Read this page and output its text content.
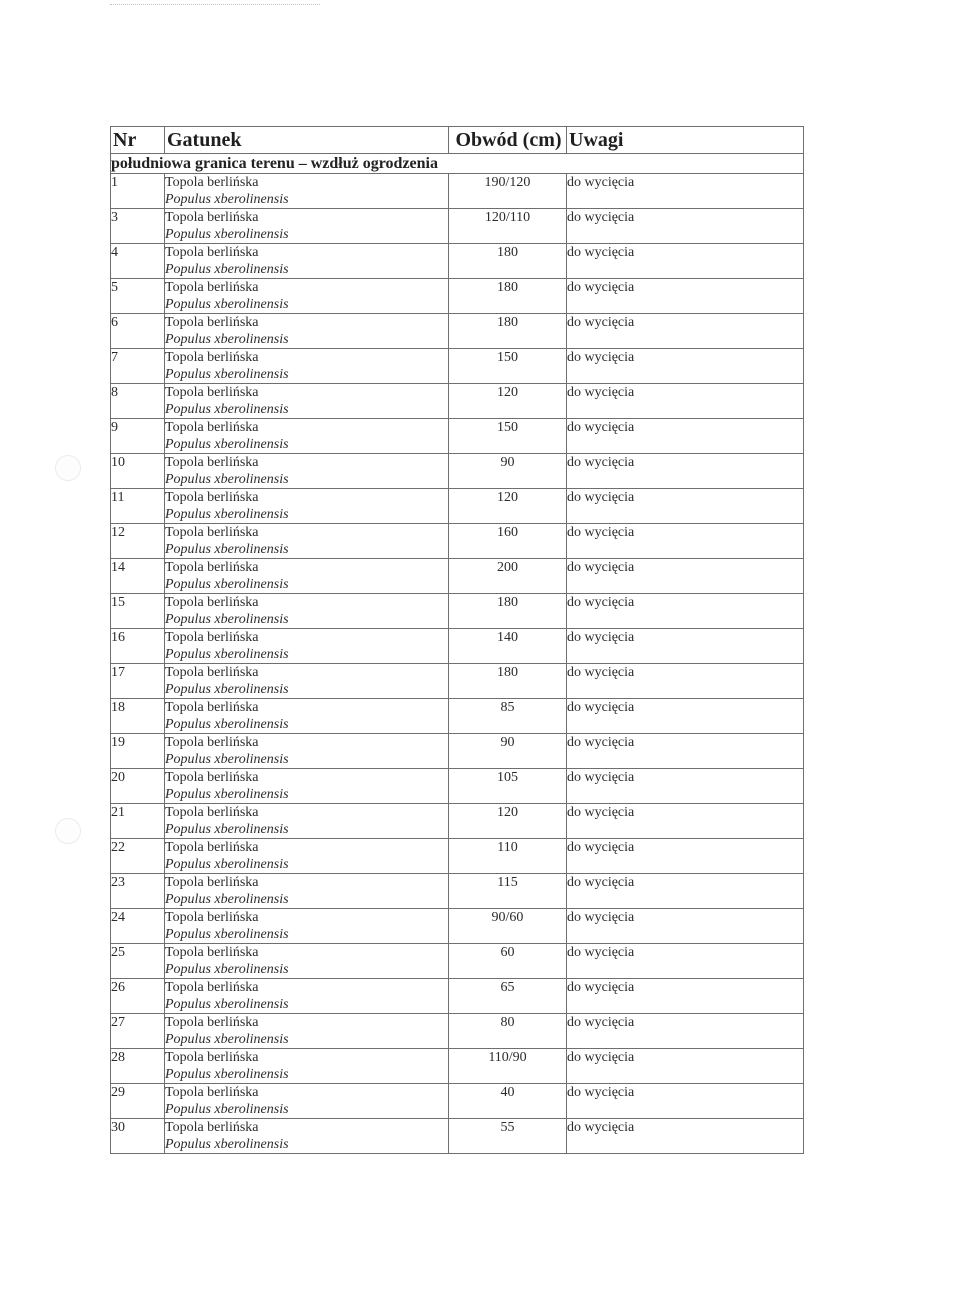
Nr	Gatunek	Obwód (cm)	Uwagi
południowa granica terenu – wzdłuż ogrodzenia			
1	Topola berlińska
Populus xberolinensis	190/120	do wycięcia
3	Topola berlińska
Populus xberolinensis	120/110	do wycięcia
4	Topola berlińska
Populus xberolinensis	180	do wycięcia
5	Topola berlińska
Populus xberolinensis	180	do wycięcia
6	Topola berlińska
Populus xberolinensis	180	do wycięcia
7	Topola berlińska
Populus xberolinensis	150	do wycięcia
8	Topola berlińska
Populus xberolinensis	120	do wycięcia
9	Topola berlińska
Populus xberolinensis	150	do wycięcia
10	Topola berlińska
Populus xberolinensis	90	do wycięcia
11	Topola berlińska
Populus xberolinensis	120	do wycięcia
12	Topola berlińska
Populus xberolinensis	160	do wycięcia
14	Topola berlińska
Populus xberolinensis	200	do wycięcia
15	Topola berlińska
Populus xberolinensis	180	do wycięcia
16	Topola berlińska
Populus xberolinensis	140	do wycięcia
17	Topola berlińska
Populus xberolinensis	180	do wycięcia
18	Topola berlińska
Populus xberolinensis	85	do wycięcia
19	Topola berlińska
Populus xberolinensis	90	do wycięcia
20	Topola berlińska
Populus xberolinensis	105	do wycięcia
21	Topola berlińska
Populus xberolinensis	120	do wycięcia
22	Topola berlińska
Populus xberolinensis	110	do wycięcia
23	Topola berlińska
Populus xberolinensis	115	do wycięcia
24	Topola berlińska
Populus xberolinensis	90/60	do wycięcia
25	Topola berlińska
Populus xberolinensis	60	do wycięcia
26	Topola berlińska
Populus xberolinensis	65	do wycięcia
27	Topola berlińska
Populus xberolinensis	80	do wycięcia
28	Topola berlińska
Populus xberolinensis	110/90	do wycięcia
29	Topola berlińska
Populus xberolinensis	40	do wycięcia
30	Topola berlińska
Populus xberolinensis	55	do wycięcia
